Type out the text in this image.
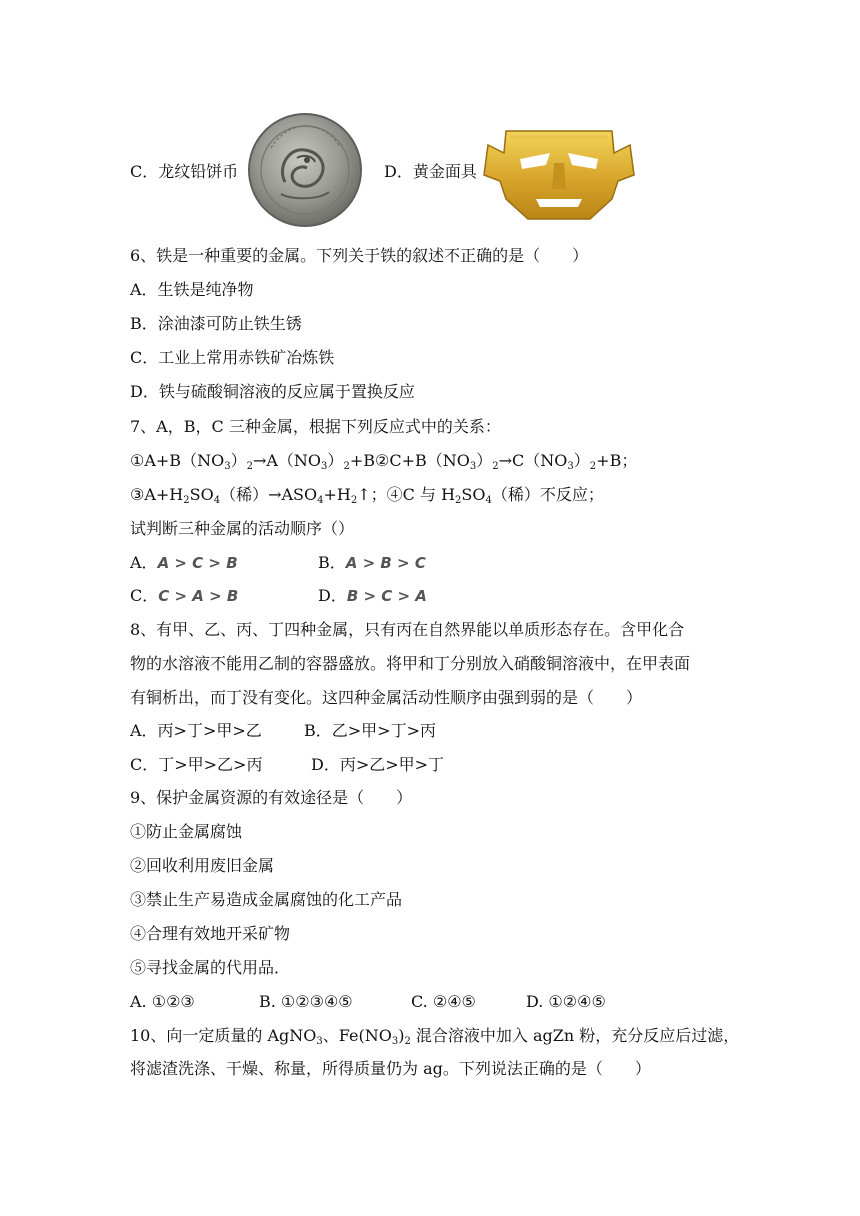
C．龙纹铅饼币	D．黄金面具
6、铁是一种重要的金属。下列关于铁的叙述不正确的是（　　）
A．生铁是纯净物
B．涂油漆可防止铁生锈
C．工业上常用赤铁矿冶炼铁
D．铁与硫酸铜溶液的反应属于置换反应
7、A，B，C 三种金属，根据下列反应式中的关系：
$①A+B(NO_3)_2\to A(NO_3)_2+B②C+B(NO_3)_2\to C(NO_3)_2+B$；
$③A+H_2SO_4$（稀）$\to ASO_4+H_2↑$；④C 与 $H_2SO_4$（稀）不反应；
试判断三种金属的活动顺序（）
A．A > C > B	B．A > B > C
C．C > A > B	D．B > C > A
8、有甲、乙、丙、丁四种金属，只有丙在自然界能以单质形态存在。含甲化合
物的水溶液不能用乙制的容器盛放。将甲和丁分别放入硝酸铜溶液中，在甲表面
有铜析出，而丁没有变化。这四种金属活动性顺序由强到弱的是（　　）
A．丙>丁>甲>乙	B．乙>甲>丁>丙
C．丁>甲>乙>丙	D．丙>乙>甲>丁
9、保护金属资源的有效途径是（　　）
①防止金属腐蚀
②回收利用废旧金属
③禁止生产易造成金属腐蚀的化工产品
④合理有效地开采矿物
⑤寻找金属的代用品．
A. ①②③	B. ①②③④⑤	C. ②④⑤	D. ①②④⑤
10、向一定质量的 AgNO$_3$、$Fe(NO_3)_2$ 混合溶液中加入 agZn 粉，充分反应后过滤，
将滤渣洗涤、干燥、称量，所得质量仍为 ag。下列说法正确的是（　　）
